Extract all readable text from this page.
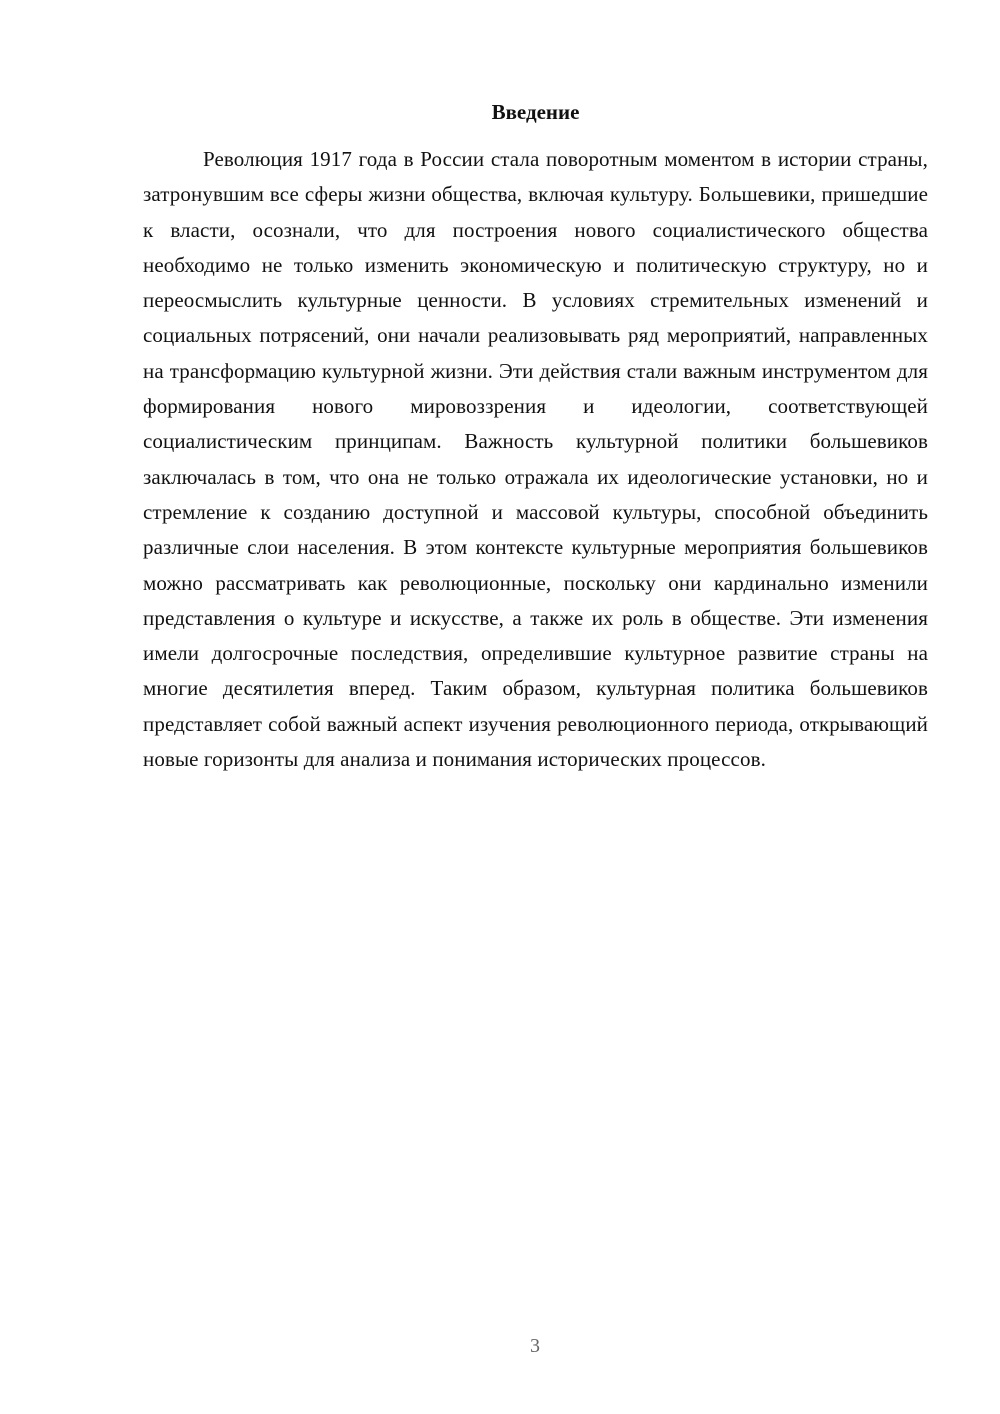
Введение

Революция 1917 года в России стала поворотным моментом в истории страны, затронувшим все сферы жизни общества, включая культуру. Большевики, пришедшие к власти, осознали, что для построения нового социалистического общества необходимо не только изменить экономическую и политическую структуру, но и переосмыслить культурные ценности. В условиях стремительных изменений и социальных потрясений, они начали реализовывать ряд мероприятий, направленных на трансформацию культурной жизни. Эти действия стали важным инструментом для формирования нового мировоззрения и идеологии, соответствующей социалистическим принципам. Важность культурной политики большевиков заключалась в том, что она не только отражала их идеологические установки, но и стремление к созданию доступной и массовой культуры, способной объединить различные слои населения. В этом контексте культурные мероприятия большевиков можно рассматривать как революционные, поскольку они кардинально изменили представления о культуре и искусстве, а также их роль в обществе. Эти изменения имели долгосрочные последствия, определившие культурное развитие страны на многие десятилетия вперед. Таким образом, культурная политика большевиков представляет собой важный аспект изучения революционного периода, открывающий новые горизонты для анализа и понимания исторических процессов.

3
